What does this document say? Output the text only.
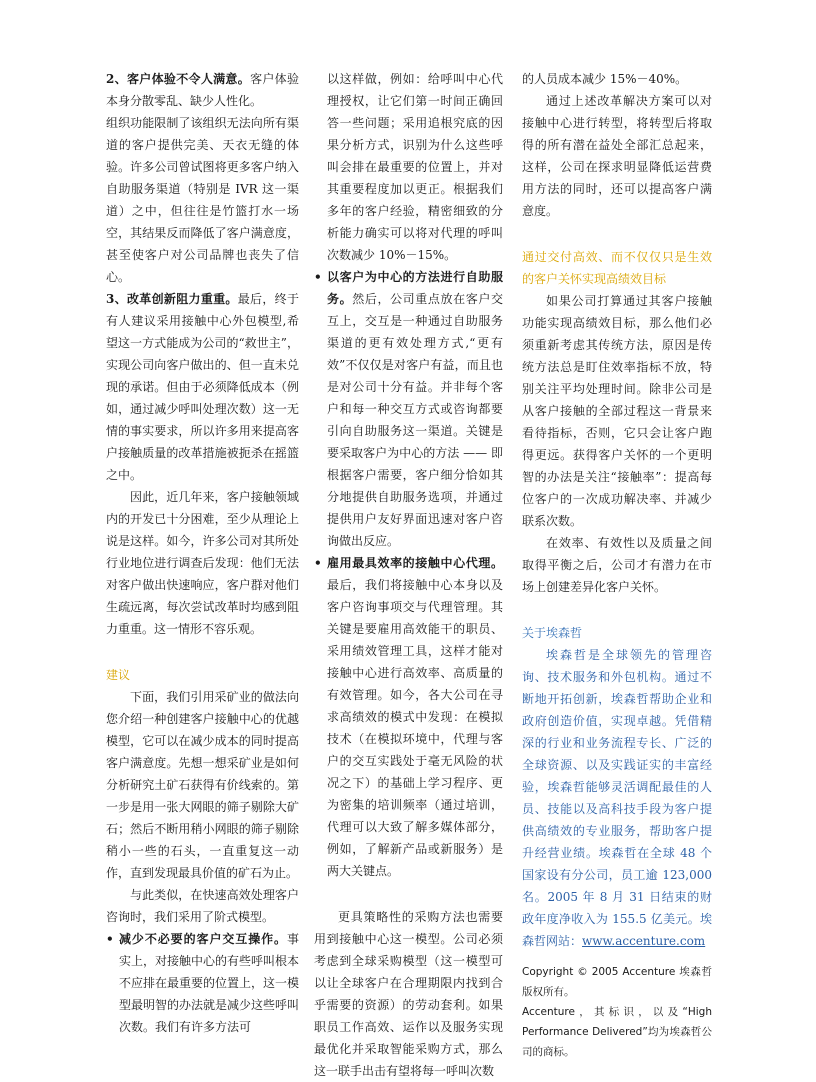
2、客户体验不令人满意。客户体验本身分散零乱、缺少人性化。

组织功能限制了该组织无法向所有渠道的客户提供完美、天衣无缝的体验。许多公司曾试图将更多客户纳入自助服务渠道（特别是 IVR 这一渠道）之中，但往往是竹篮打水一场空，其结果反而降低了客户满意度，甚至使客户对公司品牌也丧失了信心。

3、改革创新阻力重重。最后，终于有人建议采用接触中心外包模型,希望这一方式能成为公司的“救世主”，实现公司向客户做出的、但一直未兑现的承诺。但由于必须降低成本（例如，通过减少呼叫处理次数）这一无情的事实要求，所以许多用来提高客户接触质量的改革措施被扼杀在摇篮之中。

因此，近几年来，客户接触领域内的开发已十分困难，至少从理论上说是这样。如今，许多公司对其所处行业地位进行调查后发现：他们无法对客户做出快速响应，客户群对他们生疏远离，每次尝试改革时均感到阻力重重。这一情形不容乐观。

建议

下面，我们引用采矿业的做法向您介绍一种创建客户接触中心的优越模型，它可以在减少成本的同时提高客户满意度。先想一想采矿业是如何分析研究土矿石获得有价线索的。第一步是用一张大网眼的筛子剔除大矿石；然后不断用稍小网眼的筛子剔除稍小一些的石头，一直重复这一动作，直到发现最具价值的矿石为止。

与此类似，在快速高效处理客户咨询时，我们采用了阶式模型。

• 减少不必要的客户交互操作。事实上，对接触中心的有些呼叫根本不应排在最重要的位置上，这一模型最明智的办法就是减少这些呼叫次数。我们有许多方法可
以这样做，例如：给呼叫中心代理授权，让它们第一时间正确回答一些问题；采用追根究底的因果分析方式，识别为什么这些呼叫会排在最重要的位置上，并对其重要程度加以更正。根据我们多年的客户经验，精密细致的分析能力确实可以将对代理的呼叫次数减少 10%－15%。
• 以客户为中心的方法进行自助服务。然后，公司重点放在客户交互上，交互是一种通过自助服务渠道的更有效处理方式,“更有效”不仅仅是对客户有益，而且也是对公司十分有益。并非每个客户和每一种交互方式或咨询都要引向自助服务这一渠道。关键是要采取客户为中心的方法 —— 即根据客户需要，客户细分恰如其分地提供自助服务选项，并通过提供用户友好界面迅速对客户咨询做出反应。
• 雇用最具效率的接触中心代理。最后，我们将接触中心本身以及客户咨询事项交与代理管理。其关键是要雇用高效能干的职员、采用绩效管理工具，这样才能对接触中心进行高效率、高质量的有效管理。如今，各大公司在寻求高绩效的模式中发现：在模拟技术（在模拟环境中，代理与客户的交互实践处于毫无风险的状况之下）的基础上学习程序、更为密集的培训频率（通过培训，代理可以大致了解多媒体部分，例如，了解新产品或新服务）是两大关键点。

更具策略性的采购方法也需要用到接触中心这一模型。公司必须考虑到全球采购模型（这一模型可以让全球客户在合理期限内找到合乎需要的资源）的劳动套利。如果职员工作高效、运作以及服务实现最优化并采取智能采购方式，那么这一联手出击有望将每一呼叫次数

的人员成本减少 15%－40%。

通过上述改革解决方案可以对接触中心进行转型，将转型后将取得的所有潜在益处全部汇总起来，这样，公司在探求明显降低运营费用方法的同时，还可以提高客户满意度。

通过交付高效、而不仅仅只是生效的客户关怀实现高绩效目标

如果公司打算通过其客户接触功能实现高绩效目标，那么他们必须重新考虑其传统方法，原因是传统方法总是盯住效率指标不放，特别关注平均处理时间。除非公司是从客户接触的全部过程这一背景来看待指标，否则，它只会让客户跑得更远。获得客户关怀的一个更明智的办法是关注“接触率”：提高每位客户的一次成功解决率、并减少联系次数。

在效率、有效性以及质量之间取得平衡之后，公司才有潜力在市场上创建差异化客户关怀。

关于埃森哲

埃森哲是全球领先的管理咨询、技术服务和外包机构。通过不断地开拓创新，埃森哲帮助企业和政府创造价值，实现卓越。凭借精深的行业和业务流程专长、广泛的全球资源、以及实践证实的丰富经验，埃森哲能够灵活调配最佳的人员、技能以及高科技手段为客户提供高绩效的专业服务，帮助客户提升经营业绩。埃森哲在全球 48 个国家设有分公司，员工逾 123,000 名。2005 年 8 月 31 日结束的财政年度净收入为 155.5 亿美元。埃森哲网站：www.accenture.com

Copyright © 2005 Accenture 埃森哲版权所有。

Accenture，其标识，以及“High Performance Delivered”均为埃森哲公司的商标。
